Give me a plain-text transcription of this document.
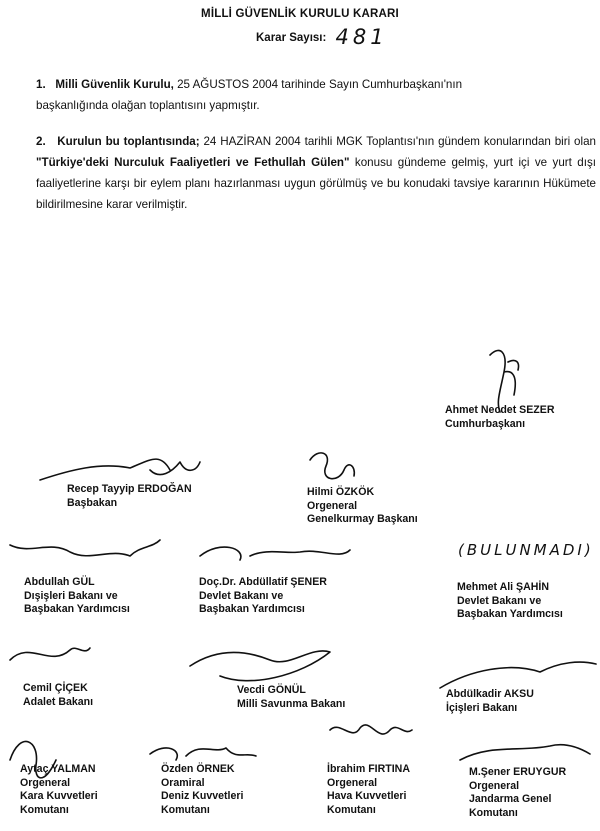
MİLLİ GÜVENLİK KURULU KARARI
Karar Sayısı: 481
1. Milli Güvenlik Kurulu, 25 AĞUSTOS 2004 tarihinde Sayın Cumhurbaşkanı'nın
başkanlığında olağan toplantısını yapmıştır.
2. Kurulun bu toplantısında; 24 HAZİRAN 2004 tarihli MGK Toplantısı'nın gündem konularından biri olan "Türkiye'deki Nurculuk Faaliyetleri ve Fethullah Gülen" konusu gündeme gelmiş, yurt içi ve yurt dışı faaliyetlerine karşı bir eylem planı hazırlanması uygun görülmüş ve bu konudaki tavsiye kararının Hükümete bildirilmesine karar verilmiştir.
(BULUNMADI)
Ahmet Necdet SEZER
Cumhurbaşkanı
Recep Tayyip ERDOĞAN
Başbakan
Hilmi ÖZKÖK
Orgeneral
Genelkurmay Başkanı
Abdullah GÜL
Dışişleri Bakanı ve
Başbakan Yardımcısı
Doç.Dr. Abdüllatif ŞENER
Devlet Bakanı ve
Başbakan Yardımcısı
Mehmet Ali ŞAHİN
Devlet Bakanı ve
Başbakan Yardımcısı
Cemil ÇİÇEK
Adalet Bakanı
Vecdi GÖNÜL
Milli Savunma Bakanı
Abdülkadir AKSU
İçişleri Bakanı
Aytaç YALMAN
Orgeneral
Kara Kuvvetleri
Komutanı
Özden ÖRNEK
Oramiral
Deniz Kuvvetleri
Komutanı
İbrahim FIRTINA
Orgeneral
Hava Kuvvetleri
Komutanı
M.Şener ERUYGUR
Orgeneral
Jandarma Genel
Komutanı
